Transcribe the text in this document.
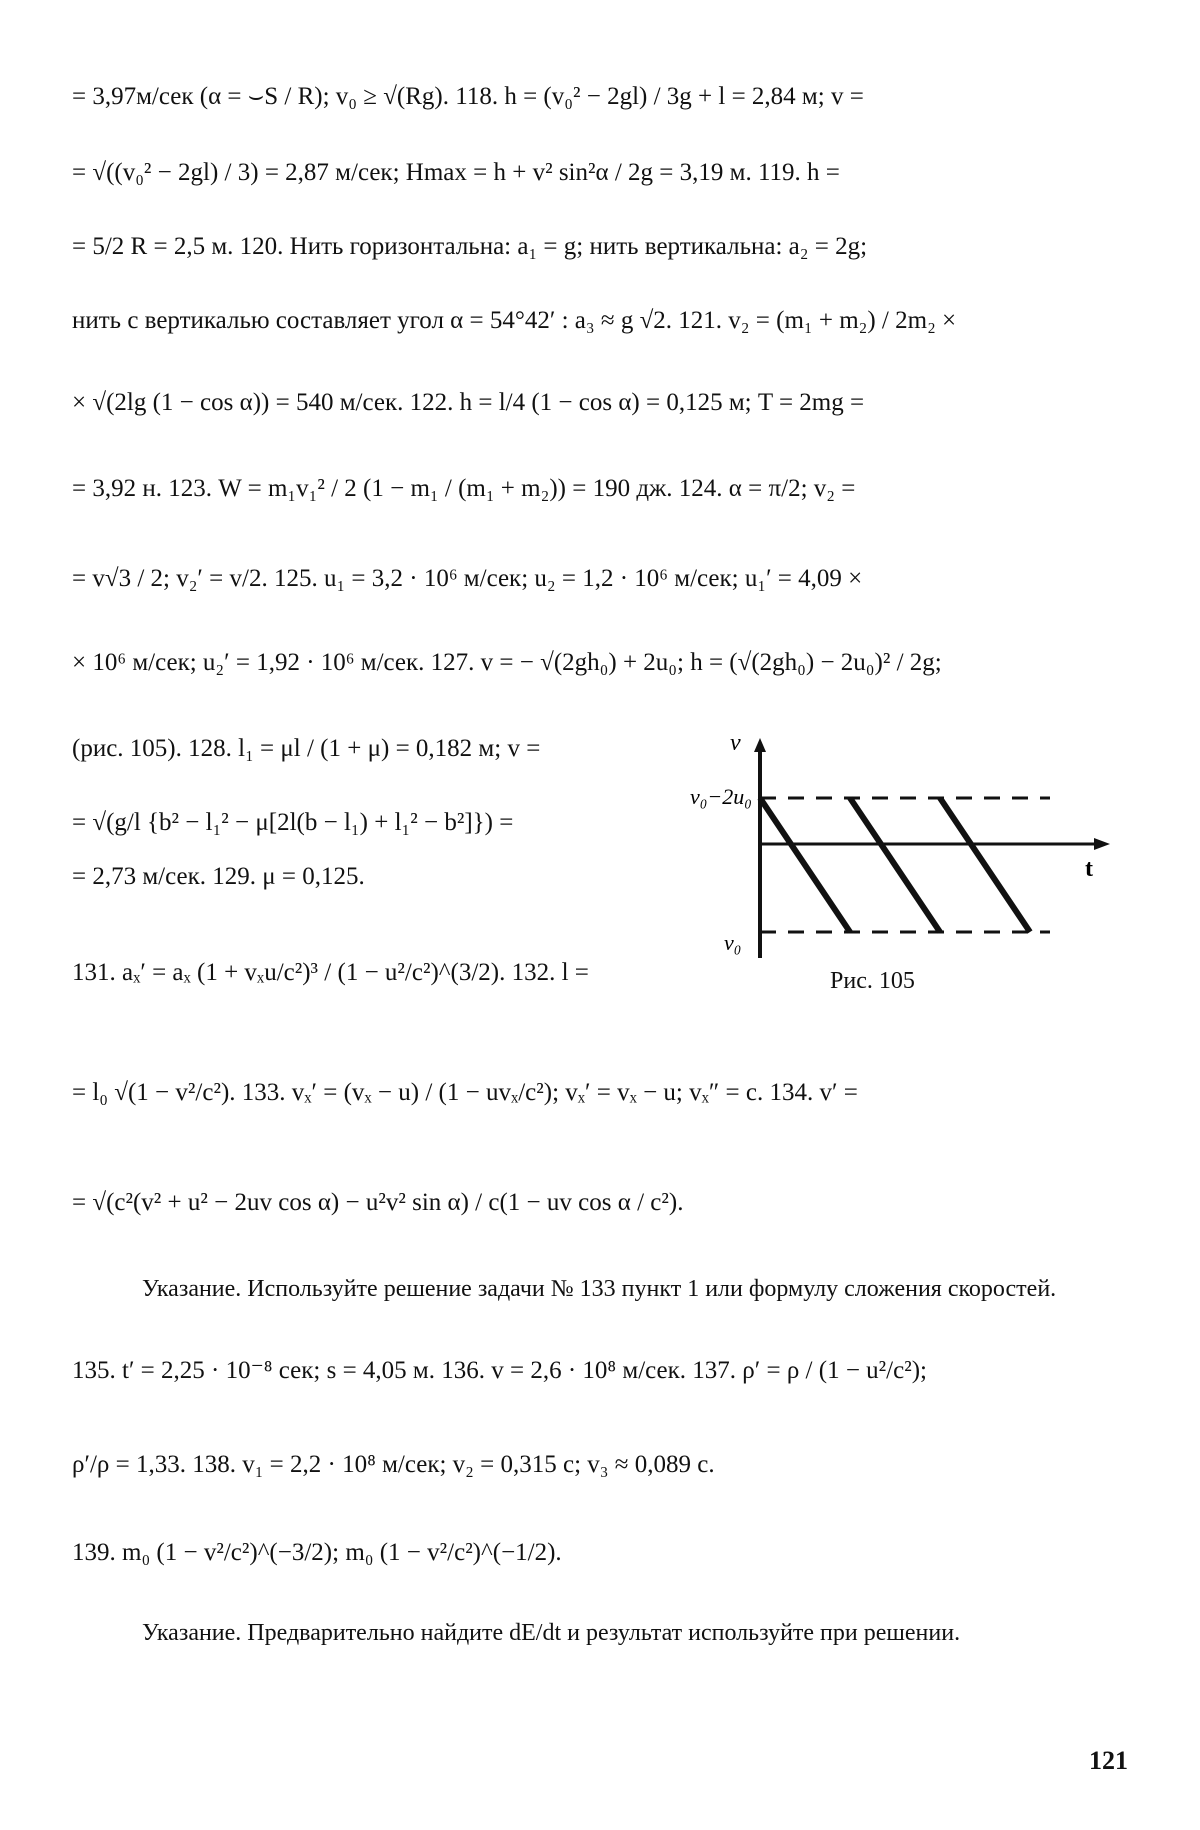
= 3,97м/сек (α = ⌣S / R); v₀ ≥ √(Rg). 118. h = (v₀² − 2gl) / 3g + l = 2,84 м; v =
= √((v₀² − 2gl) / 3) = 2,87 м/сек; Hmax = h + v² sin²α / 2g = 3,19 м. 119. h =
= 5/2 R = 2,5 м. 120. Нить горизонтальна: a₁ = g; нить вертикальна: a₂ = 2g;
нить с вертикалью составляет угол α = 54°42′ : a₃ ≈ g √2. 121. v₂ = (m₁ + m₂) / 2m₂ ×
× √(2lg (1 − cos α)) = 540 м/сек. 122. h = l/4 (1 − cos α) = 0,125 м; T = 2mg =
= 3,92 н. 123. W = m₁v₁² / 2 (1 − m₁ / (m₁ + m₂)) = 190 дж. 124. α = π/2; v₂ =
= v√3 / 2; v₂′ = v/2. 125. u₁ = 3,2 · 10⁶ м/сек; u₂ = 1,2 · 10⁶ м/сек; u₁′ = 4,09 ×
× 10⁶ м/сек; u₂′ = 1,92 · 10⁶ м/сек. 127. v = − √(2gh₀) + 2u₀; h = (√(2gh₀) − 2u₀)² / 2g;
(рис. 105). 128. l₁ = μl / (1 + μ) = 0,182 м; v =
= √(g/l {b² − l₁² − μ[2l(b − l₁) + l₁² − b²]}) =
= 2,73 м/сек. 129. μ = 0,125.
131. aₓ′ = aₓ (1 + vₓu/c²)³ / (1 − u²/c²)^(3/2). 132. l =
v
t
v₀−2u₀
v₀
Рис. 105
= l₀ √(1 − v²/c²). 133. vₓ′ = (vₓ − u) / (1 − uvₓ/c²); vₓ′ = vₓ − u; vₓ″ = c. 134. v′ =
= √(c²(v² + u² − 2uv cos α) − u²v² sin α) / c(1 − uv cos α / c²).
Указание. Используйте решение задачи № 133 пункт 1 или формулу сложения скоростей.
135. t′ = 2,25 · 10⁻⁸ сек; s = 4,05 м. 136. v = 2,6 · 10⁸ м/сек. 137. ρ′ = ρ / (1 − u²/c²);
ρ′/ρ = 1,33. 138. v₁ = 2,2 · 10⁸ м/сек; v₂ = 0,315 c; v₃ ≈ 0,089 c.
139. m₀ (1 − v²/c²)^(−3/2); m₀ (1 − v²/c²)^(−1/2).
Указание. Предварительно найдите dE/dt и результат используйте при решении.
121
